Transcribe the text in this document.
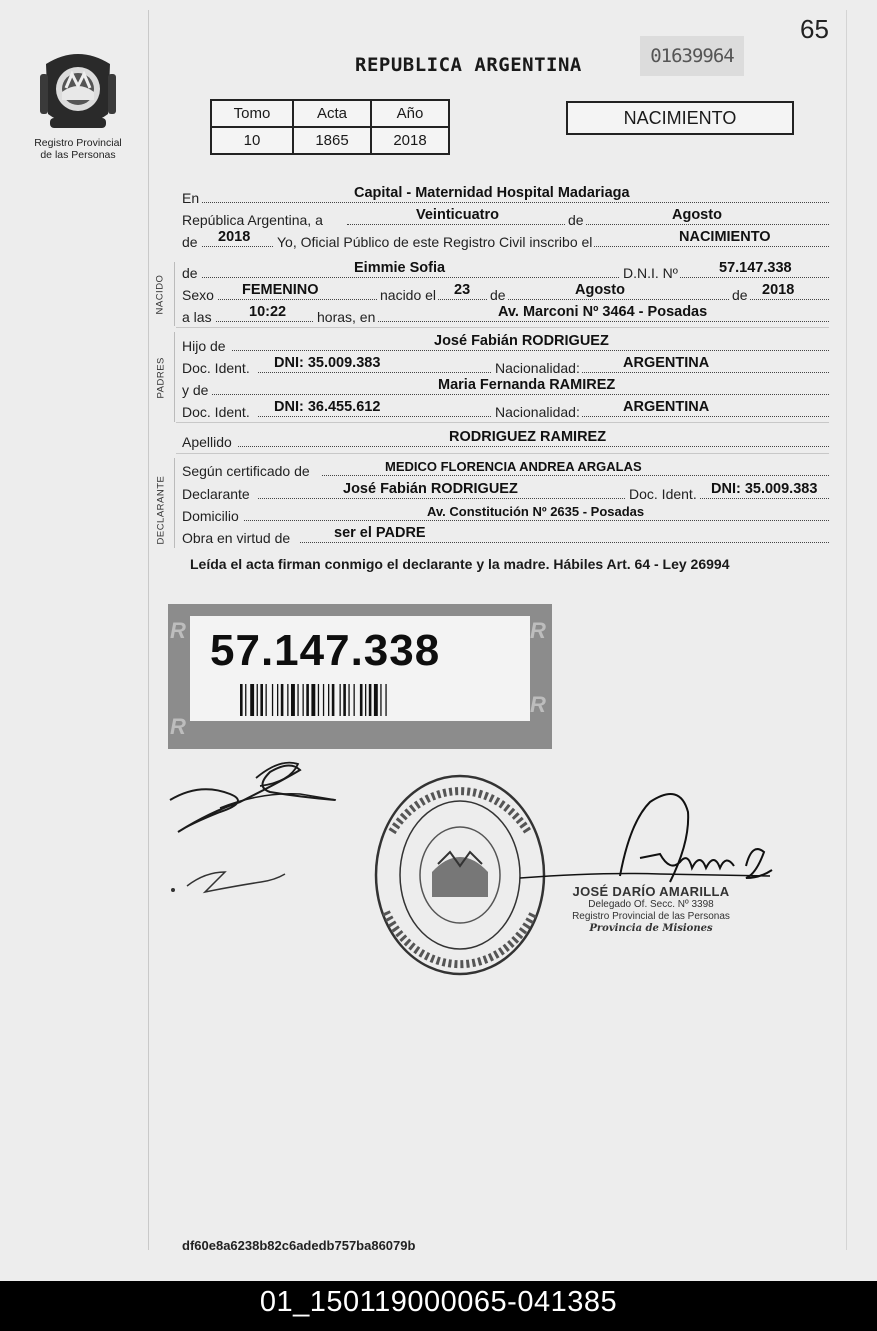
65
Registro Provincial
de las Personas
REPUBLICA ARGENTINA	01639964
Tomo	Acta	Año
10	1865	2018
NACIMIENTO
En	Capital - Maternidad Hospital Madariaga
República Argentina, a	Veinticuatro	de	Agosto
de 2018 Yo, Oficial Público de este Registro Civil inscribo el	NACIMIENTO
NACIDO
de	Eimmie Sofia	D.N.I. Nº	57.147.338
Sexo FEMENINO	nacido el 23 de	Agosto	de 2018
a las	10:22 horas, en	Av. Marconi Nº 3464 - Posadas
PADRES
Hijo de	José Fabián RODRIGUEZ
Doc. Ident. DNI: 35.009.383	Nacionalidad:	ARGENTINA
y de	Maria Fernanda RAMIREZ
Doc. Ident. DNI: 36.455.612	Nacionalidad:	ARGENTINA
Apellido	RODRIGUEZ RAMIREZ
DECLARANTE
Según certificado de	MEDICO FLORENCIA ANDREA ARGALAS
Declarante	José Fabián RODRIGUEZ	Doc. Ident. DNI: 35.009.383
Domicilio	Av. Constitución Nº 2635 - Posadas
Obra en virtud de	ser el PADRE
Leída el acta firman conmigo el declarante y la madre. Hábiles Art. 64 - Ley 26994
R
R
R
R
57.147.338
JOSÉ DARÍO AMARILLA
Delegado Of. Secc. Nº 3398
Registro Provincial de las Personas
Provincia de Misiones
df60e8a6238b82c6adedb757ba86079b
01_150119000065-041385
